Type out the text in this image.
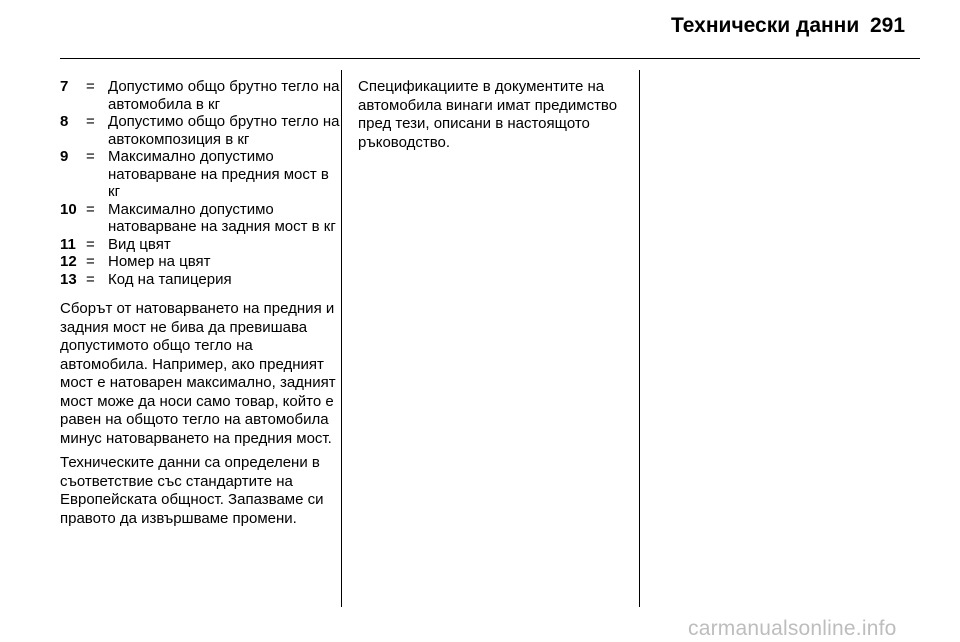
Технически данни 291
7	= Допустимо общо брутно тегло на автомобила в кг
8	= Допустимо общо брутно тегло на автокомпозиция в кг
9	= Максимално допустимо натоварване на предния мост в кг
10 = Максимално допустимо натоварване на задния мост в кг
11 = Вид цвят
12 = Номер на цвят
13 = Код на тапицерия

Сборът от натоварването на предния и задния мост не бива да превишава допустимото общо тегло на автомобила. Например, ако предният мост е натоварен максимално, задният мост може да носи само товар, който е равен на общото тегло на автомобила минус натоварването на предния мост.

Техническите данни са определени в съответствие със стандартите на Европейската общност. Запазваме си правото да извършваме промени.

Спецификациите в документите на автомобила винаги имат предимство пред тези, описани в настоящото ръководство.

carmanualsonline.info
